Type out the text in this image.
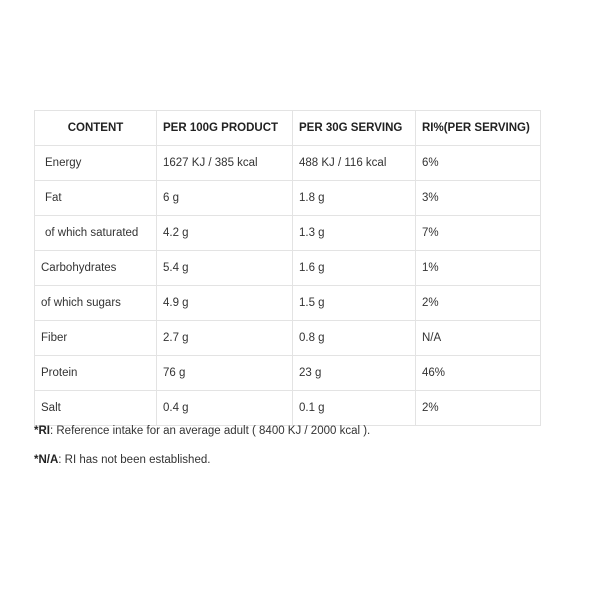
CONTENT	PER 100G PRODUCT	PER 30G SERVING	RI%(PER SERVING)
Energy	1627 KJ / 385 kcal	488 KJ / 116 kcal	6%
Fat	6 g	1.8 g	3%
of which saturated	4.2 g	1.3 g	7%
Carbohydrates	5.4 g	1.6 g	1%
of which sugars	4.9 g	1.5 g	2%
Fiber	2.7 g	0.8 g	N/A
Protein	76 g	23 g	46%
Salt	0.4 g	0.1 g	2%
*RI: Reference intake for an average adult ( 8400 KJ / 2000 kcal ).
*N/A: RI has not been established.
